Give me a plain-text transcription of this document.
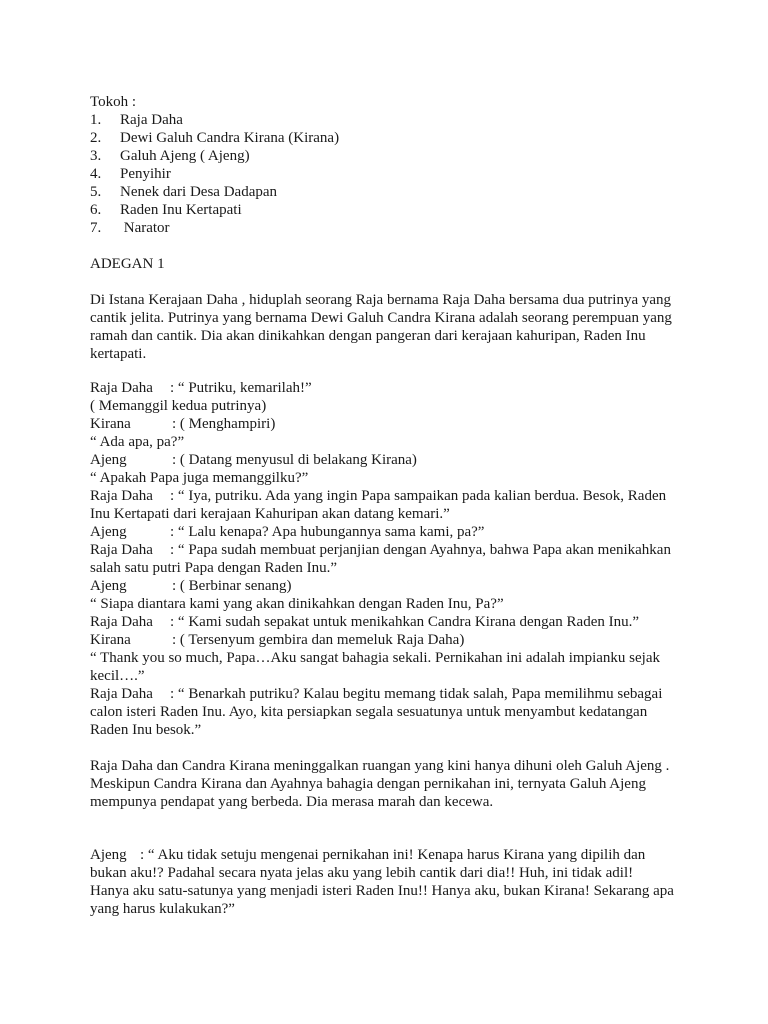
Tokoh :
1. Raja Daha
2. Dewi Galuh Candra Kirana (Kirana)
3. Galuh Ajeng ( Ajeng)
4. Penyihir
5. Nenek dari Desa Dadapan
6. Raden Inu Kertapati
7. Narator
ADEGAN 1
Di Istana Kerajaan Daha , hiduplah seorang Raja bernama Raja Daha bersama dua putrinya yang
cantik jelita. Putrinya yang bernama Dewi Galuh Candra Kirana adalah seorang perempuan yang
ramah dan cantik. Dia akan dinikahkan dengan pangeran dari kerajaan kahuripan, Raden Inu
kertapati.
Raja Daha : “ Putriku, kemarilah!”
( Memanggil kedua putrinya)
Kirana	: ( Menghampiri)
“ Ada apa, pa?”
Ajeng	: ( Datang menyusul di belakang Kirana)
“ Apakah Papa juga memanggilku?”
Raja Daha : “ Iya, putriku. Ada yang ingin Papa sampaikan pada kalian berdua. Besok, Raden
Inu Kertapati dari kerajaan Kahuripan akan datang kemari.”
Ajeng	: “ Lalu kenapa? Apa hubungannya sama kami, pa?”
Raja Daha : “ Papa sudah membuat perjanjian dengan Ayahnya, bahwa Papa akan menikahkan
salah satu putri Papa dengan Raden Inu.”
Ajeng	: ( Berbinar senang)
“ Siapa diantara kami yang akan dinikahkan dengan Raden Inu, Pa?”
Raja Daha : “ Kami sudah sepakat untuk menikahkan Candra Kirana dengan Raden Inu.”
Kirana	: ( Tersenyum gembira dan memeluk Raja Daha)
“ Thank you so much, Papa…Aku sangat bahagia sekali. Pernikahan ini adalah impianku sejak
kecil….”
Raja Daha : “ Benarkah putriku? Kalau begitu memang tidak salah, Papa memilihmu sebagai
calon isteri Raden Inu. Ayo, kita persiapkan segala sesuatunya untuk menyambut kedatangan
Raden Inu besok.”
Raja Daha dan Candra Kirana meninggalkan ruangan yang kini hanya dihuni oleh Galuh Ajeng .
Meskipun Candra Kirana dan Ayahnya bahagia dengan pernikahan ini, ternyata Galuh Ajeng
mempunya pendapat yang berbeda. Dia merasa marah dan kecewa.
Ajeng : “ Aku tidak setuju mengenai pernikahan ini! Kenapa harus Kirana yang dipilih dan
bukan aku!? Padahal secara nyata jelas aku yang lebih cantik dari dia!! Huh, ini tidak adil!
Hanya aku satu-satunya yang menjadi isteri Raden Inu!! Hanya aku, bukan Kirana! Sekarang apa
yang harus kulakukan?”
